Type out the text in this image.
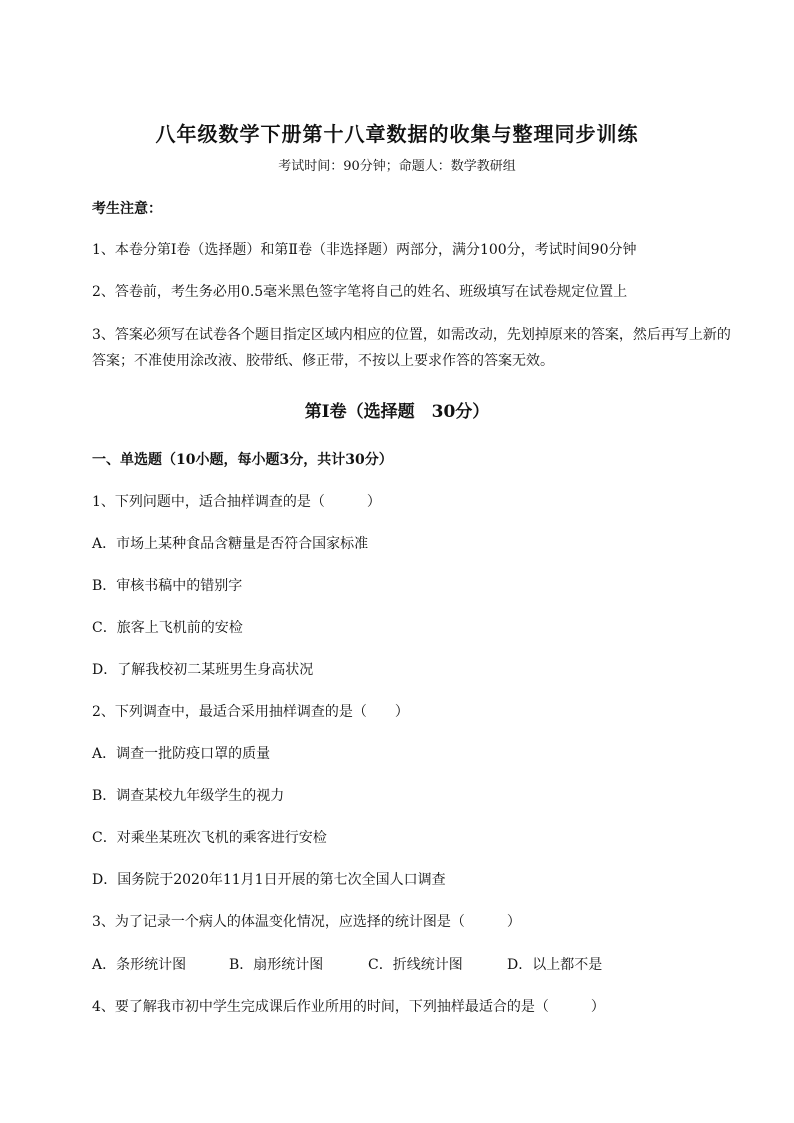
八年级数学下册第十八章数据的收集与整理同步训练
考试时间：90分钟；命题人：数学教研组
考生注意：
1、本卷分第I卷（选择题）和第Ⅱ卷（非选择题）两部分，满分100分，考试时间90分钟
2、答卷前，考生务必用0.5毫米黑色签字笔将自己的姓名、班级填写在试卷规定位置上
3、答案必须写在试卷各个题目指定区域内相应的位置，如需改动，先划掉原来的答案，然后再写上新的答案；不准使用涂改液、胶带纸、修正带，不按以上要求作答的答案无效。
第I卷（选择题　30分）
一、单选题（10小题，每小题3分，共计30分）
1、下列问题中，适合抽样调查的是（　　　）
A．市场上某种食品含糖量是否符合国家标准
B．审核书稿中的错别字
C．旅客上飞机前的安检
D．了解我校初二某班男生身高状况
2、下列调查中，最适合采用抽样调查的是（　　）
A．调查一批防疫口罩的质量
B．调查某校九年级学生的视力
C．对乘坐某班次飞机的乘客进行安检
D．国务院于2020年11月1日开展的第七次全国人口调查
3、为了记录一个病人的体温变化情况，应选择的统计图是（　　　）
A．条形统计图	B．扇形统计图	C．折线统计图	D．以上都不是
4、要了解我市初中学生完成课后作业所用的时间，下列抽样最适合的是（　　　）
